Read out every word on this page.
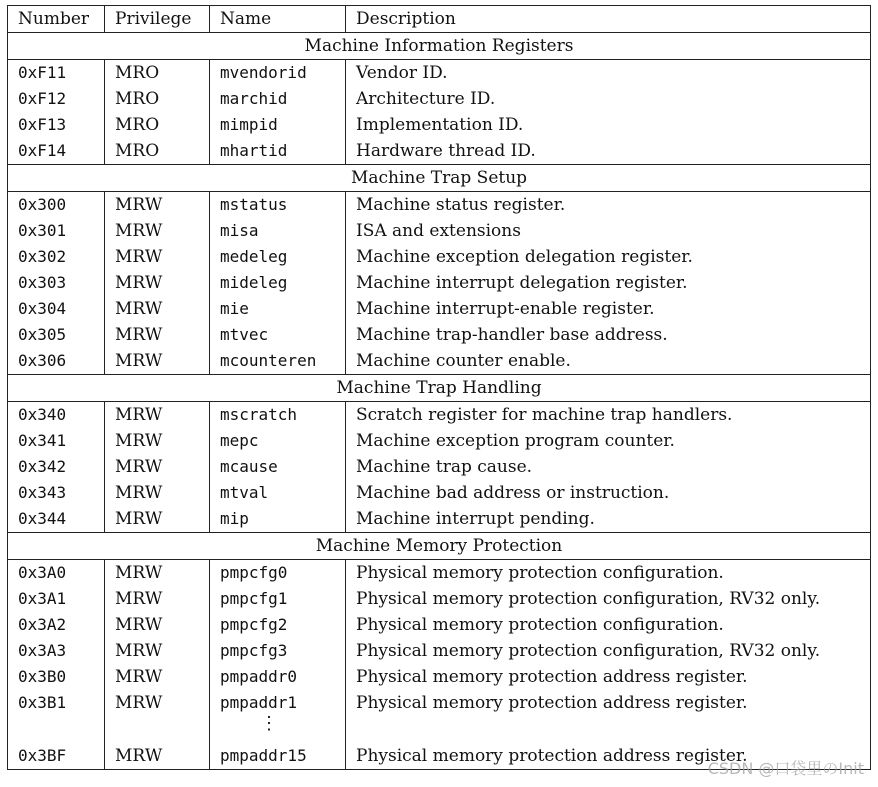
Number	Privilege	Name	Description
Machine Information Registers			
0xF11	MRO	mvendorid	Vendor ID.
0xF12	MRO	marchid	Architecture ID.
0xF13	MRO	mimpid	Implementation ID.
0xF14	MRO	mhartid	Hardware thread ID.
Machine Trap Setup			
0x300	MRW	mstatus	Machine status register.
0x301	MRW	misa	ISA and extensions
0x302	MRW	medeleg	Machine exception delegation register.
0x303	MRW	mideleg	Machine interrupt delegation register.
0x304	MRW	mie	Machine interrupt-enable register.
0x305	MRW	mtvec	Machine trap-handler base address.
0x306	MRW	mcounteren	Machine counter enable.
Machine Trap Handling			
0x340	MRW	mscratch	Scratch register for machine trap handlers.
0x341	MRW	mepc	Machine exception program counter.
0x342	MRW	mcause	Machine trap cause.
0x343	MRW	mtval	Machine bad address or instruction.
0x344	MRW	mip	Machine interrupt pending.
Machine Memory Protection			
0x3A0	MRW	pmpcfg0	Physical memory protection configuration.
0x3A1	MRW	pmpcfg1	Physical memory protection configuration, RV32 only.
0x3A2	MRW	pmpcfg2	Physical memory protection configuration.
0x3A3	MRW	pmpcfg3	Physical memory protection configuration, RV32 only.
0x3B0	MRW	pmpaddr0	Physical memory protection address register.
0x3B1	MRW	pmpaddr1	Physical memory protection address register.

		⋮	

0x3BF	MRW	pmpaddr15	Physical memory protection address register.
CSDN @口袋里のInit
